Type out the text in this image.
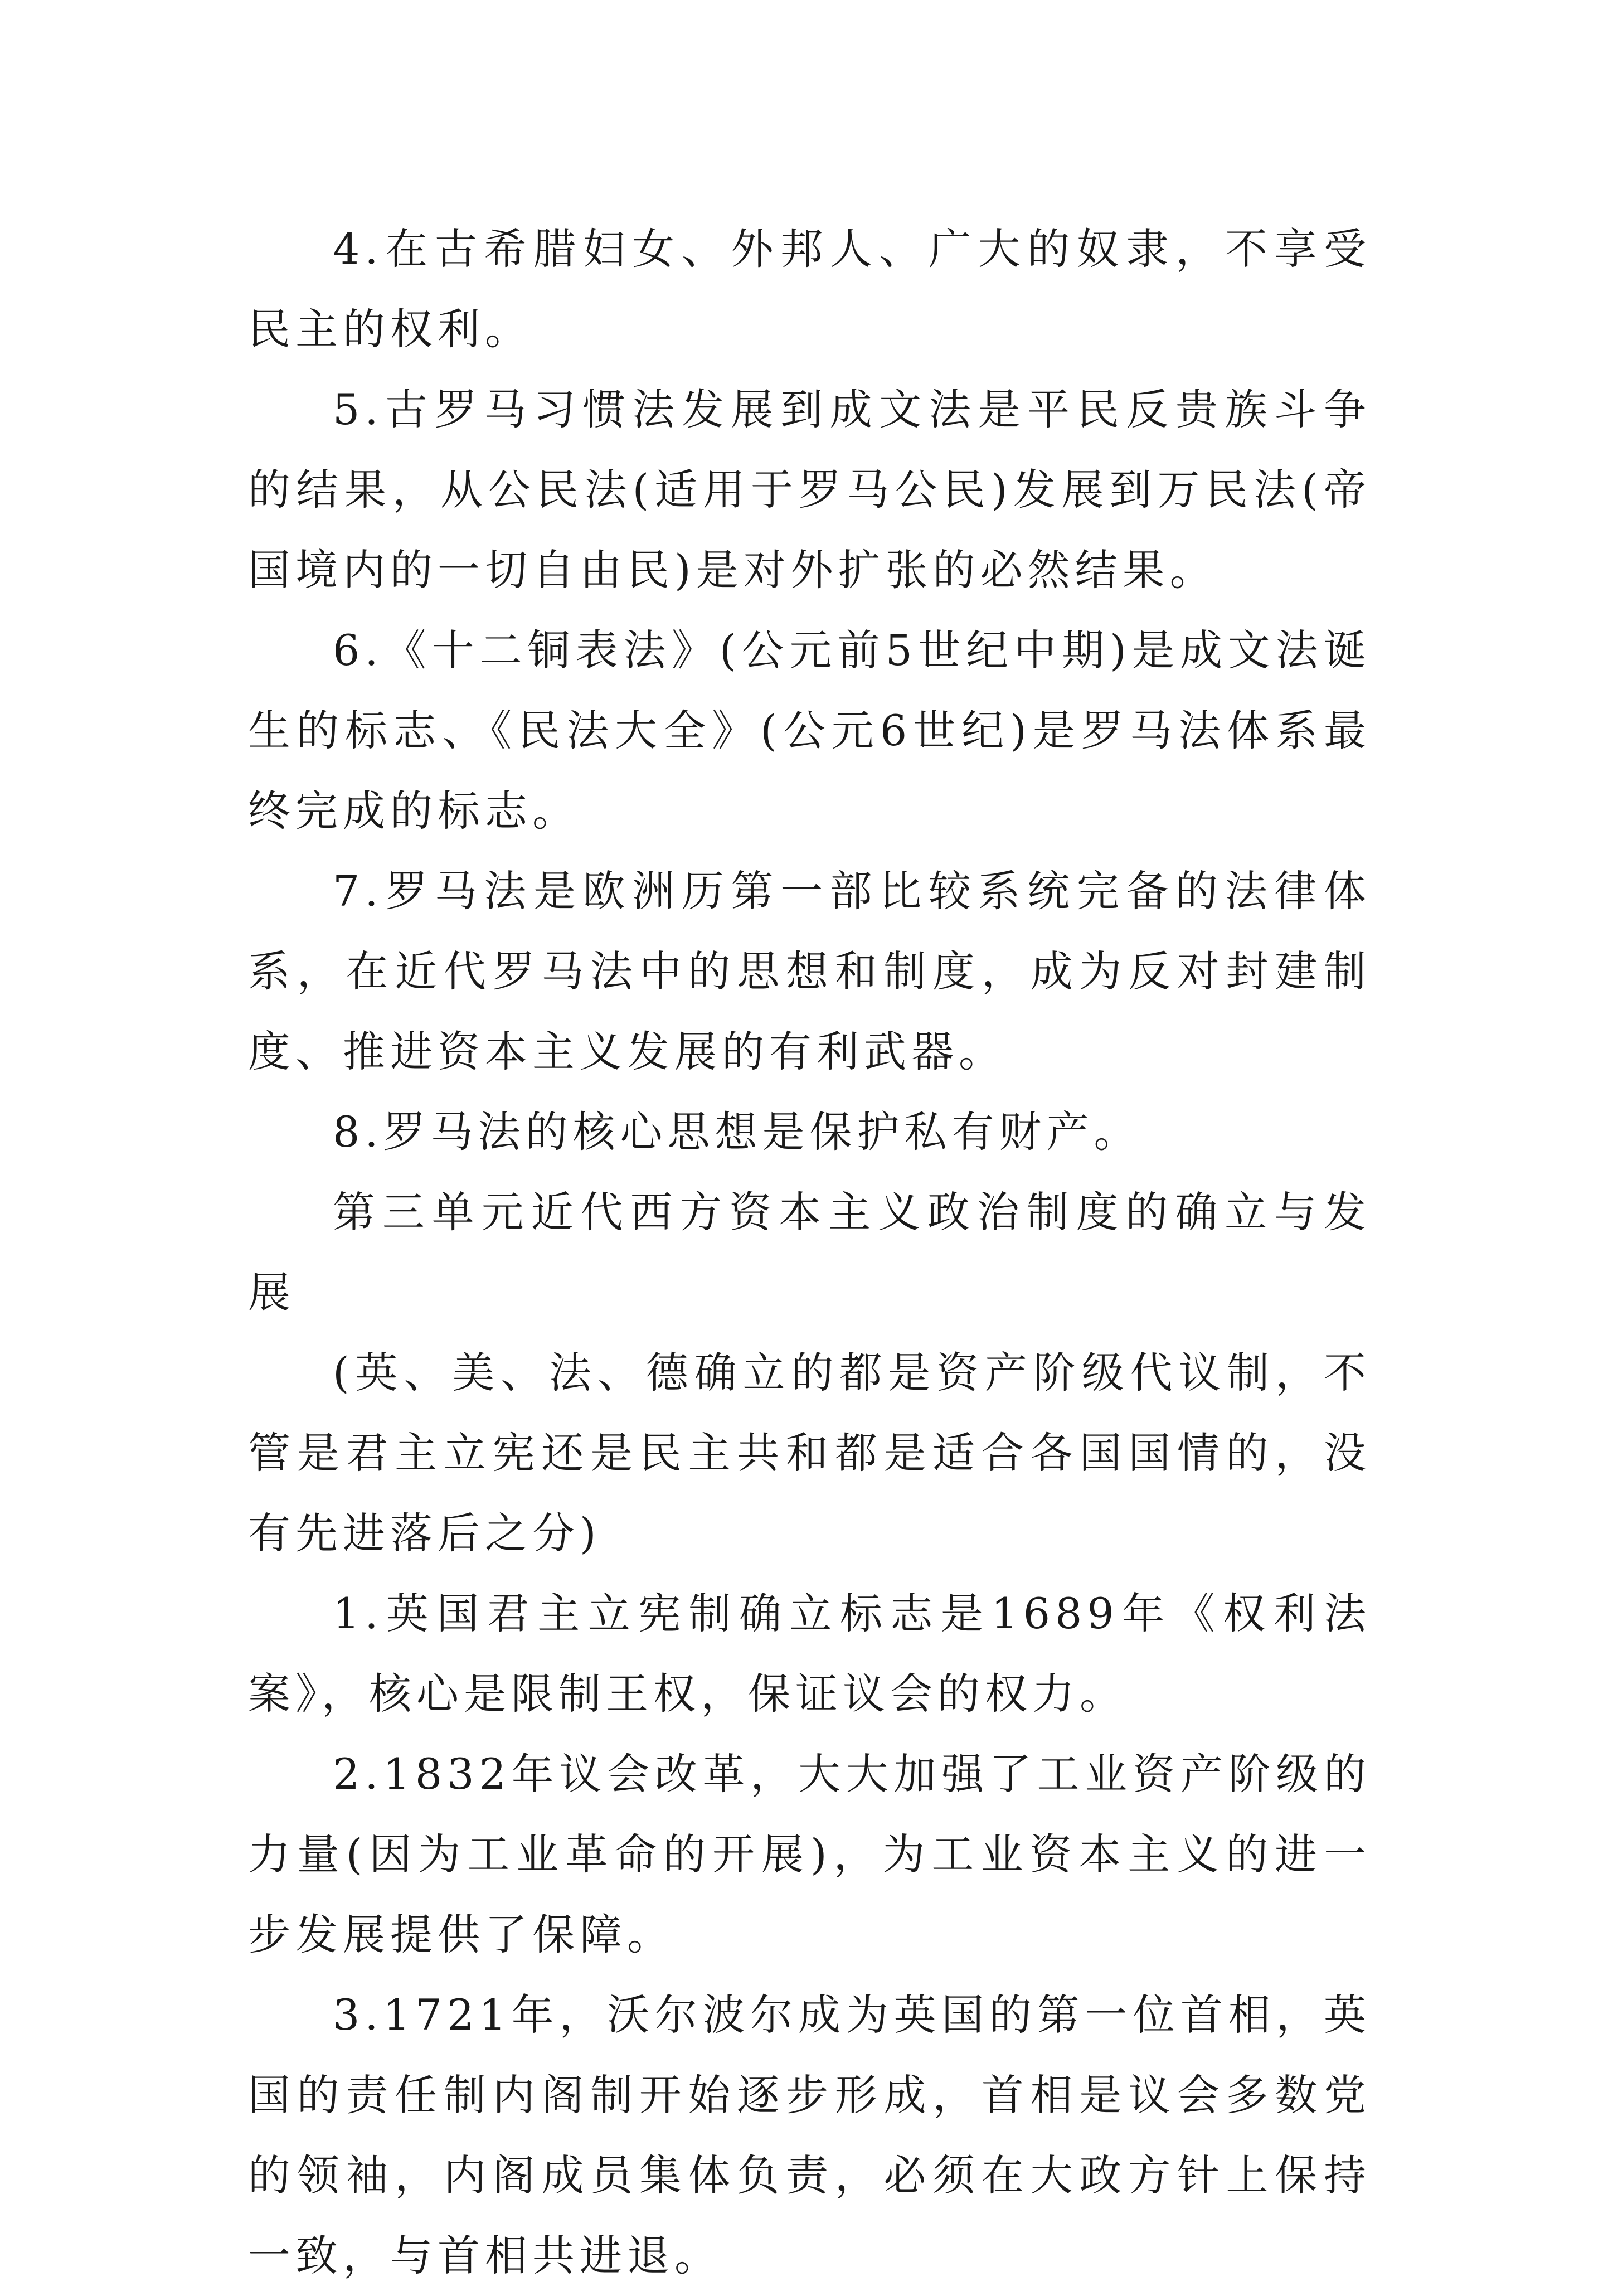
4.在古希腊妇女、外邦人、广大的奴隶，不享受民主的权利。

5.古罗马习惯法发展到成文法是平民反贵族斗争的结果，从公民法(适用于罗马公民)发展到万民法(帝国境内的一切自由民)是对外扩张的必然结果。

6.《十二铜表法》(公元前5世纪中期)是成文法诞生的标志、《民法大全》(公元6世纪)是罗马法体系最终完成的标志。

7.罗马法是欧洲历第一部比较系统完备的法律体系，在近代罗马法中的思想和制度，成为反对封建制度、推进资本主义发展的有利武器。

8.罗马法的核心思想是保护私有财产。

第三单元近代西方资本主义政治制度的确立与发展

(英、美、法、德确立的都是资产阶级代议制，不管是君主立宪还是民主共和都是适合各国国情的，没有先进落后之分)

1.英国君主立宪制确立标志是1689年《权利法案》，核心是限制王权，保证议会的权力。

2.1832年议会改革，大大加强了工业资产阶级的力量(因为工业革命的开展)，为工业资本主义的进一步发展提供了保障。

3.1721年，沃尔波尔成为英国的第一位首相，英国的责任制内阁制开始逐步形成，首相是议会多数党的领袖，内阁成员集体负责，必须在大政方针上保持一致，与首相共进退。
